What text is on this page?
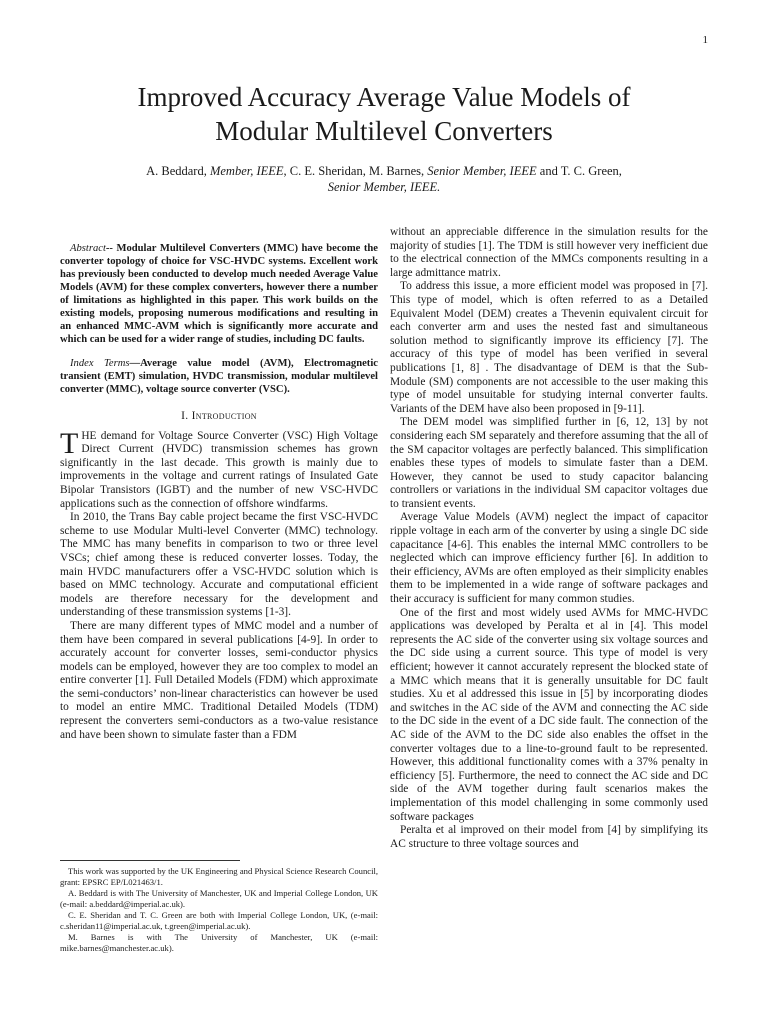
1
Improved Accuracy Average Value Models of
Modular Multilevel Converters
A. Beddard, Member, IEEE, C. E. Sheridan, M. Barnes, Senior Member, IEEE and T. C. Green,
Senior Member, IEEE.

Abstract-- Modular Multilevel Converters (MMC) have become the converter topology of choice for VSC-HVDC systems. Excellent work has previously been conducted to develop much needed Average Value Models (AVM) for these complex converters, however there a number of limitations as highlighted in this paper. This work builds on the existing models, proposing numerous modifications and resulting in an enhanced MMC-AVM which is significantly more accurate and which can be used for a wider range of studies, including DC faults.

Index Terms—Average value model (AVM), Electromagnetic transient (EMT) simulation, HVDC transmission, modular multilevel converter (MMC), voltage source converter (VSC).

I. Introduction

THE demand for Voltage Source Converter (VSC) High Voltage Direct Current (HVDC) transmission schemes has grown significantly in the last decade. This growth is mainly due to improvements in the voltage and current ratings of Insulated Gate Bipolar Transistors (IGBT) and the number of new VSC-HVDC applications such as the connection of offshore windfarms.

In 2010, the Trans Bay cable project became the first VSC-HVDC scheme to use Modular Multi-level Converter (MMC) technology. The MMC has many benefits in comparison to two or three level VSCs; chief among these is reduced converter losses. Today, the main HVDC manufacturers offer a VSC-HVDC solution which is based on MMC technology. Accurate and computational efficient models are therefore necessary for the development and understanding of these transmission systems [1-3].

There are many different types of MMC model and a number of them have been compared in several publications [4-9]. In order to accurately account for converter losses, semi-conductor physics models can be employed, however they are too complex to model an entire converter [1]. Full Detailed Models (FDM) which approximate the semi-conductors’ non-linear characteristics can however be used to model an entire MMC. Traditional Detailed Models (TDM) represent the converters semi-conductors as a two-value resistance and have been shown to simulate faster than a FDM

without an appreciable difference in the simulation results for the majority of studies [1]. The TDM is still however very inefficient due to the electrical connection of the MMCs components resulting in a large admittance matrix.

To address this issue, a more efficient model was proposed in [7]. This type of model, which is often referred to as a Detailed Equivalent Model (DEM) creates a Thevenin equivalent circuit for each converter arm and uses the nested fast and simultaneous solution method to significantly improve its efficiency [7]. The accuracy of this type of model has been verified in several publications [1, 8] . The disadvantage of DEM is that the Sub-Module (SM) components are not accessible to the user making this type of model unsuitable for studying internal converter faults. Variants of the DEM have also been proposed in [9-11].

The DEM model was simplified further in [6, 12, 13] by not considering each SM separately and therefore assuming that the all of the SM capacitor voltages are perfectly balanced. This simplification enables these types of models to simulate faster than a DEM. However, they cannot be used to study capacitor balancing controllers or variations in the individual SM capacitor voltages due to transient events.

Average Value Models (AVM) neglect the impact of capacitor ripple voltage in each arm of the converter by using a single DC side capacitance [4-6]. This enables the internal MMC controllers to be neglected which can improve efficiency further [6]. In addition to their efficiency, AVMs are often employed as their simplicity enables them to be implemented in a wide range of software packages and their accuracy is sufficient for many common studies.

One of the first and most widely used AVMs for MMC-HVDC applications was developed by Peralta et al in [4]. This model represents the AC side of the converter using six voltage sources and the DC side using a current source. This type of model is very efficient; however it cannot accurately represent the blocked state of a MMC which means that it is generally unsuitable for DC fault studies. Xu et al addressed this issue in [5] by incorporating diodes and switches in the AC side of the AVM and connecting the AC side to the DC side in the event of a DC side fault. The connection of the AC side of the AVM to the DC side also enables the offset in the converter voltages due to a line-to-ground fault to be represented. However, this additional functionality comes with a 37% penalty in efficiency [5]. Furthermore, the need to connect the AC side and DC side of the AVM together during fault scenarios makes the implementation of this model challenging in some commonly used software packages

Peralta et al improved on their model from [4] by simplifying its AC structure to three voltage sources and

This work was supported by the UK Engineering and Physical Science Research Council, grant: EPSRC EP/L021463/1.

A. Beddard is with The University of Manchester, UK and Imperial College London, UK (e-mail: a.beddard@imperial.ac.uk).

C. E. Sheridan and T. C. Green are both with Imperial College London, UK, (e-mail: c.sheridan11@imperial.ac.uk, t.green@imperial.ac.uk).

M. Barnes is with The University of Manchester, UK (e-mail: mike.barnes@manchester.ac.uk).
